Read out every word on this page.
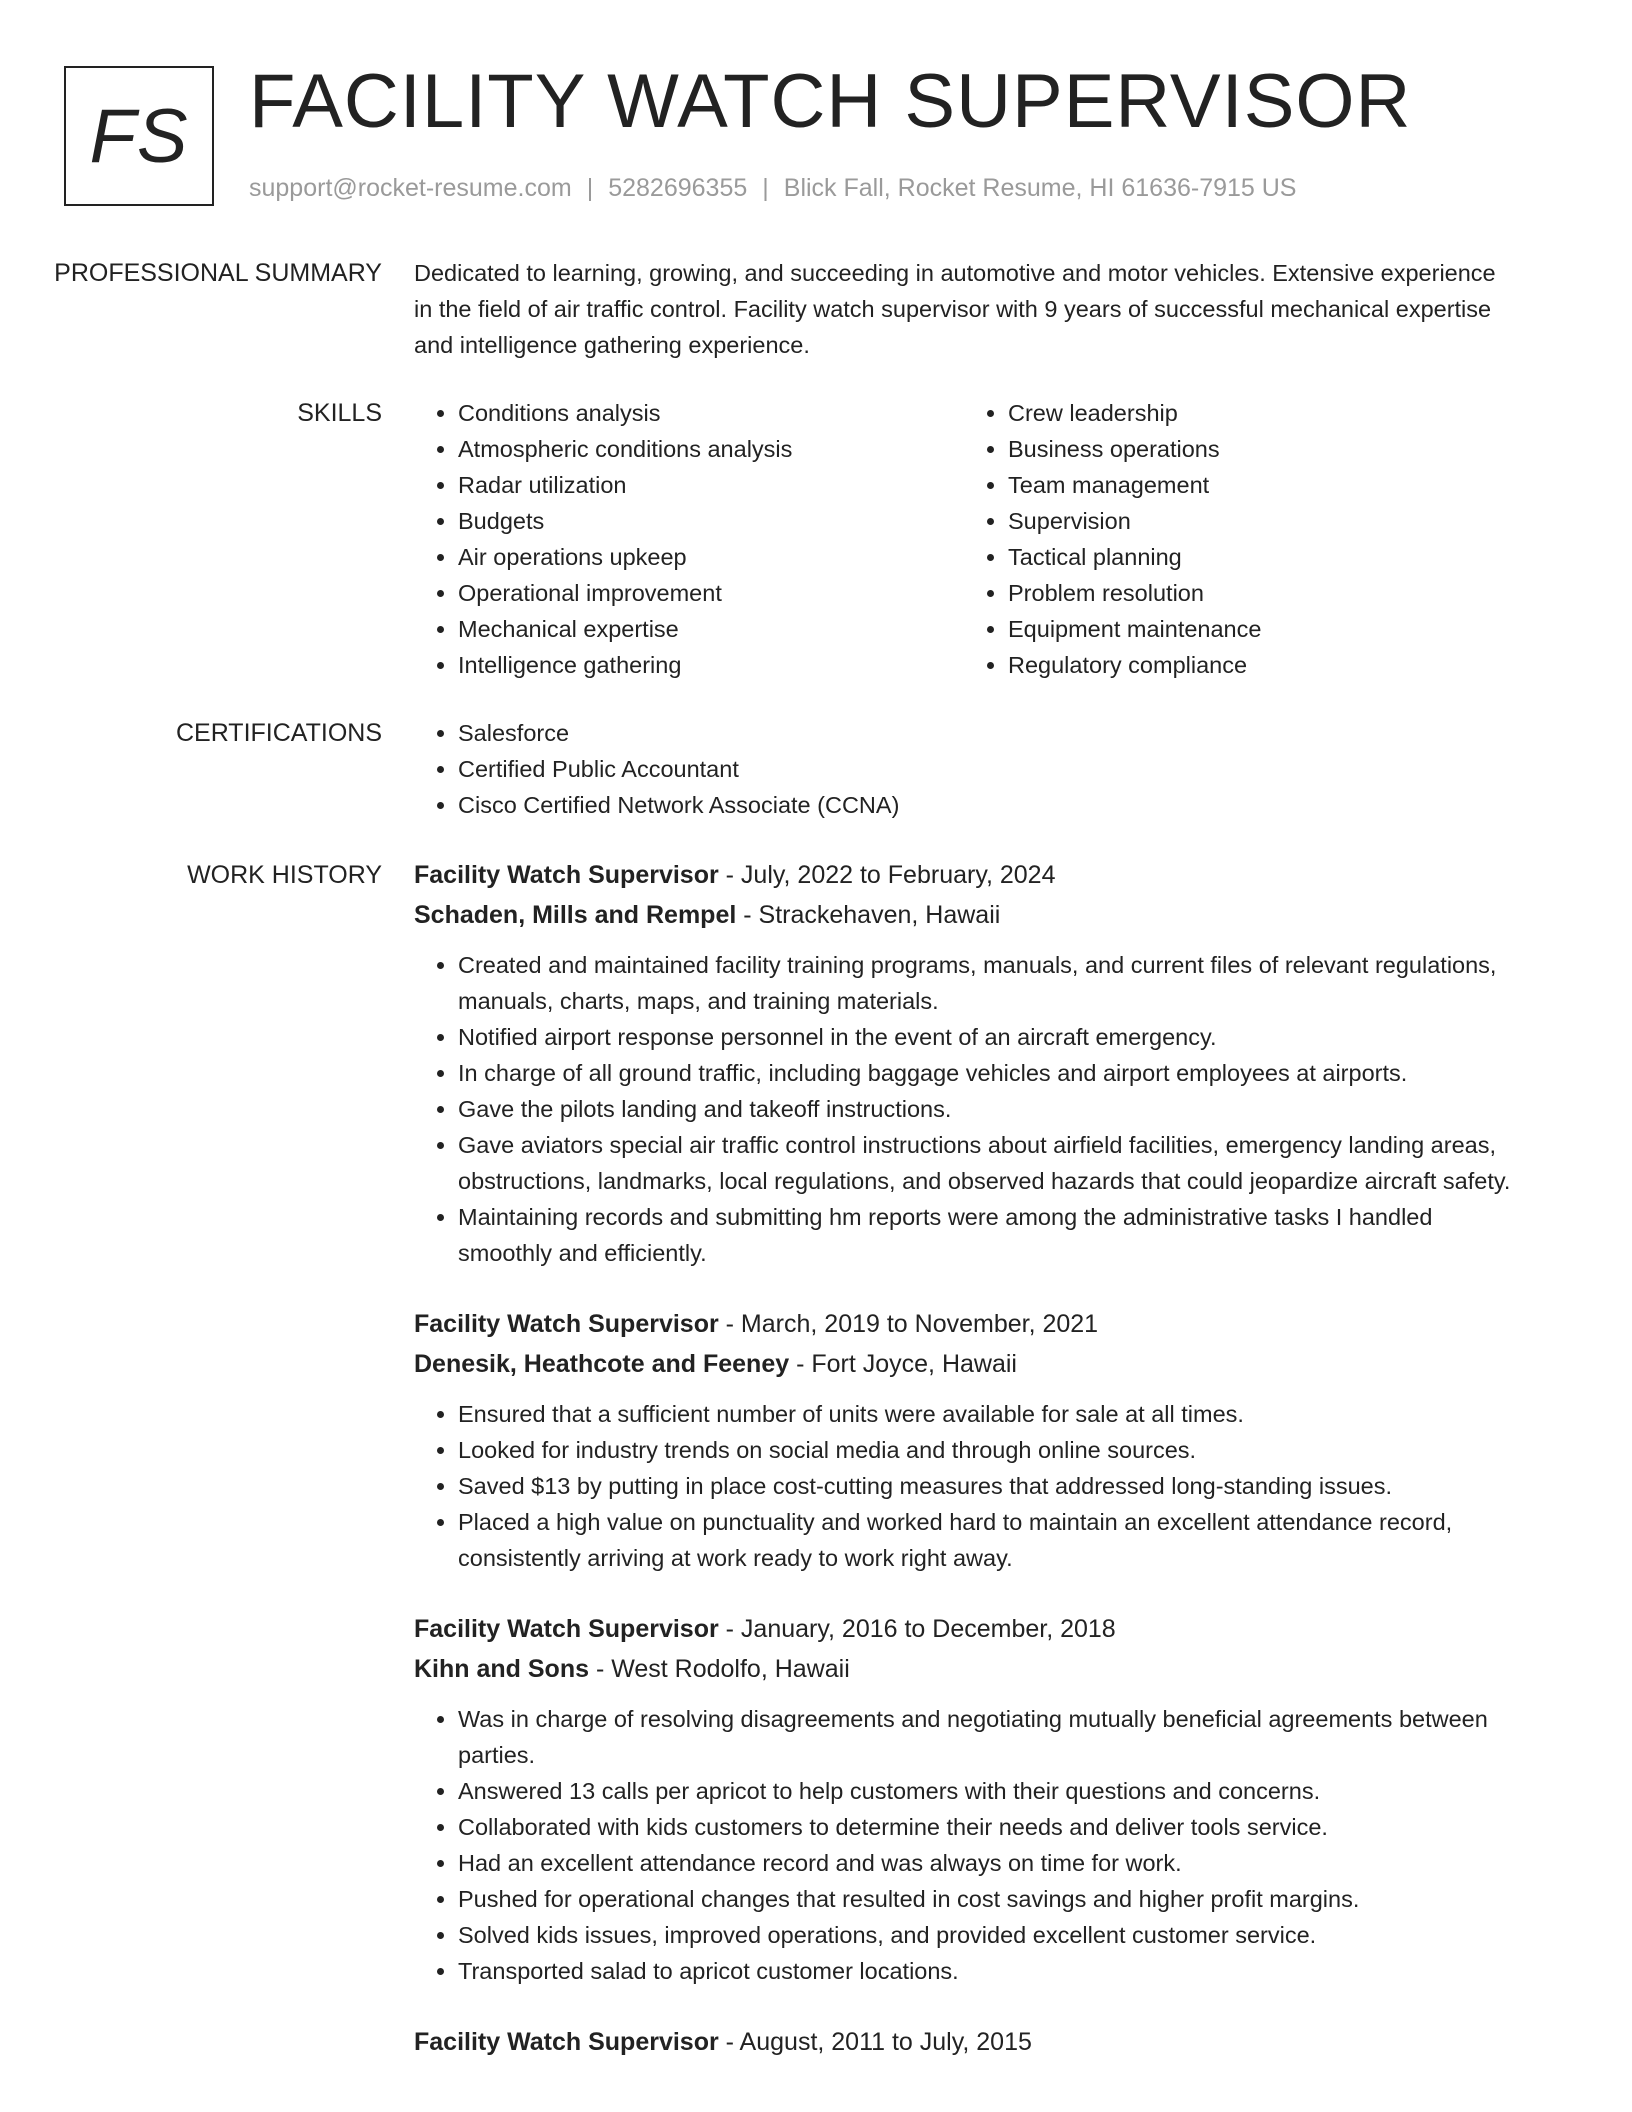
FS FACILITY WATCH SUPERVISOR
support@rocket-resume.com | 5282696355 | Blick Fall, Rocket Resume, HI 61636-7915 US
PROFESSIONAL SUMMARY	Dedicated to learning, growing, and succeeding in automotive and motor vehicles. Extensive experience in the field of air traffic control. Facility watch supervisor with 9 years of successful mechanical expertise and intelligence gathering experience.

SKILLS	• Conditions analysis
• Atmospheric conditions analysis
• Radar utilization
• Budgets
• Air operations upkeep
• Operational improvement
• Mechanical expertise
• Intelligence gathering
• Crew leadership
• Business operations
• Team management
• Supervision
• Tactical planning
• Problem resolution
• Equipment maintenance
• Regulatory compliance
CERTIFICATIONS	• Salesforce
• Certified Public Accountant
• Cisco Certified Network Associate (CCNA)
WORK HISTORY	Facility Watch Supervisor - July, 2022 to February, 2024
Schaden, Mills and Rempel - Strackehaven, Hawaii
• Created and maintained facility training programs, manuals, and current files of relevant regulations, manuals, charts, maps, and training materials.
• Notified airport response personnel in the event of an aircraft emergency.
• In charge of all ground traffic, including baggage vehicles and airport employees at airports.
• Gave the pilots landing and takeoff instructions.
• Gave aviators special air traffic control instructions about airfield facilities, emergency landing areas, obstructions, landmarks, local regulations, and observed hazards that could jeopardize aircraft safety.
• Maintaining records and submitting hm reports were among the administrative tasks I handled smoothly and efficiently.
Facility Watch Supervisor - March, 2019 to November, 2021
Denesik, Heathcote and Feeney - Fort Joyce, Hawaii
• Ensured that a sufficient number of units were available for sale at all times.
• Looked for industry trends on social media and through online sources.
• Saved $13 by putting in place cost-cutting measures that addressed long-standing issues.
• Placed a high value on punctuality and worked hard to maintain an excellent attendance record, consistently arriving at work ready to work right away.
Facility Watch Supervisor - January, 2016 to December, 2018
Kihn and Sons - West Rodolfo, Hawaii
• Was in charge of resolving disagreements and negotiating mutually beneficial agreements between parties.
• Answered 13 calls per apricot to help customers with their questions and concerns.
• Collaborated with kids customers to determine their needs and deliver tools service.
• Had an excellent attendance record and was always on time for work.
• Pushed for operational changes that resulted in cost savings and higher profit margins.
• Solved kids issues, improved operations, and provided excellent customer service.
• Transported salad to apricot customer locations.
Facility Watch Supervisor - August, 2011 to July, 2015
